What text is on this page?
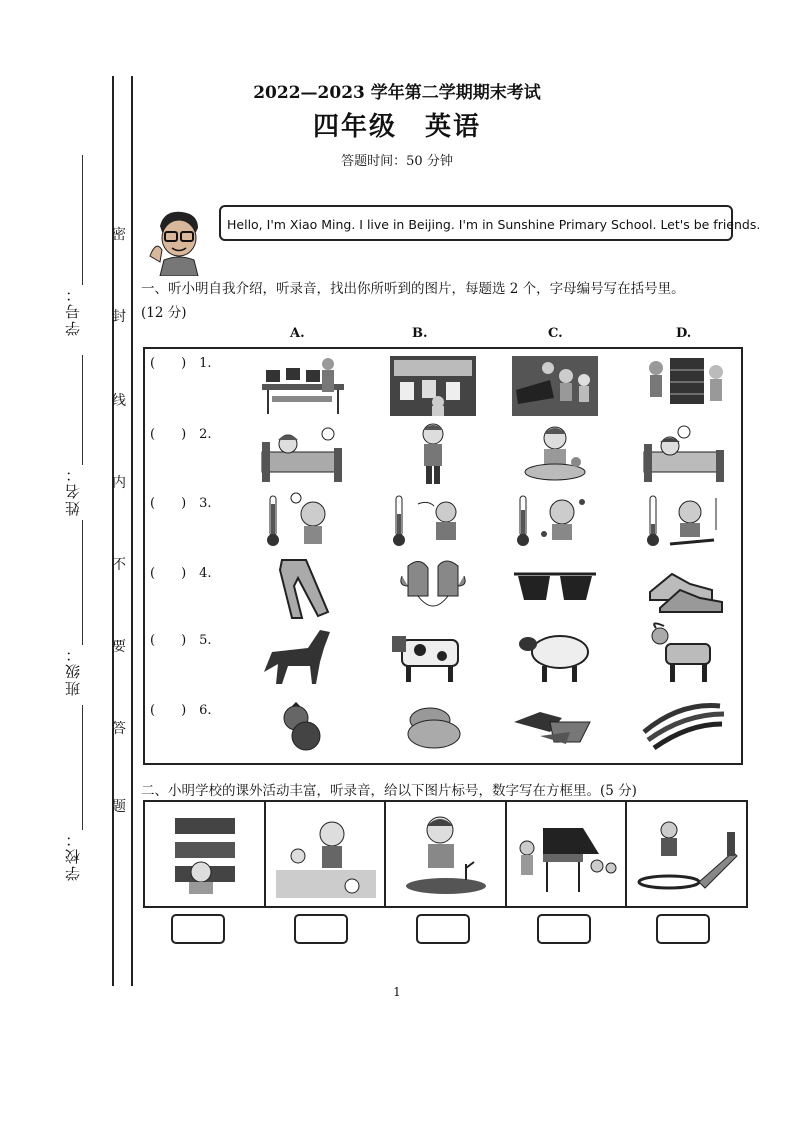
学号：
姓名：
班级：
学校：
密
封
线
内
不
要
答
题
2022—2023 学年第二学期期末考试
四年级　英语
答题时间：50 分钟
Hello, I'm Xiao Ming. I live in Beijing. I'm in Sunshine Primary School. Let's be friends.
一、听小明自我介绍，听录音，找出你所听到的图片，每题选 2 个，字母编号写在括号里。
(12 分)
A.	B.	C.	D.
(　　)　1.
(　　)　2.
(　　)　3.
(　　)　4.
(　　)　5.
(　　)　6.
二、小明学校的课外活动丰富，听录音，给以下图片标号，数字写在方框里。(5 分)
1
